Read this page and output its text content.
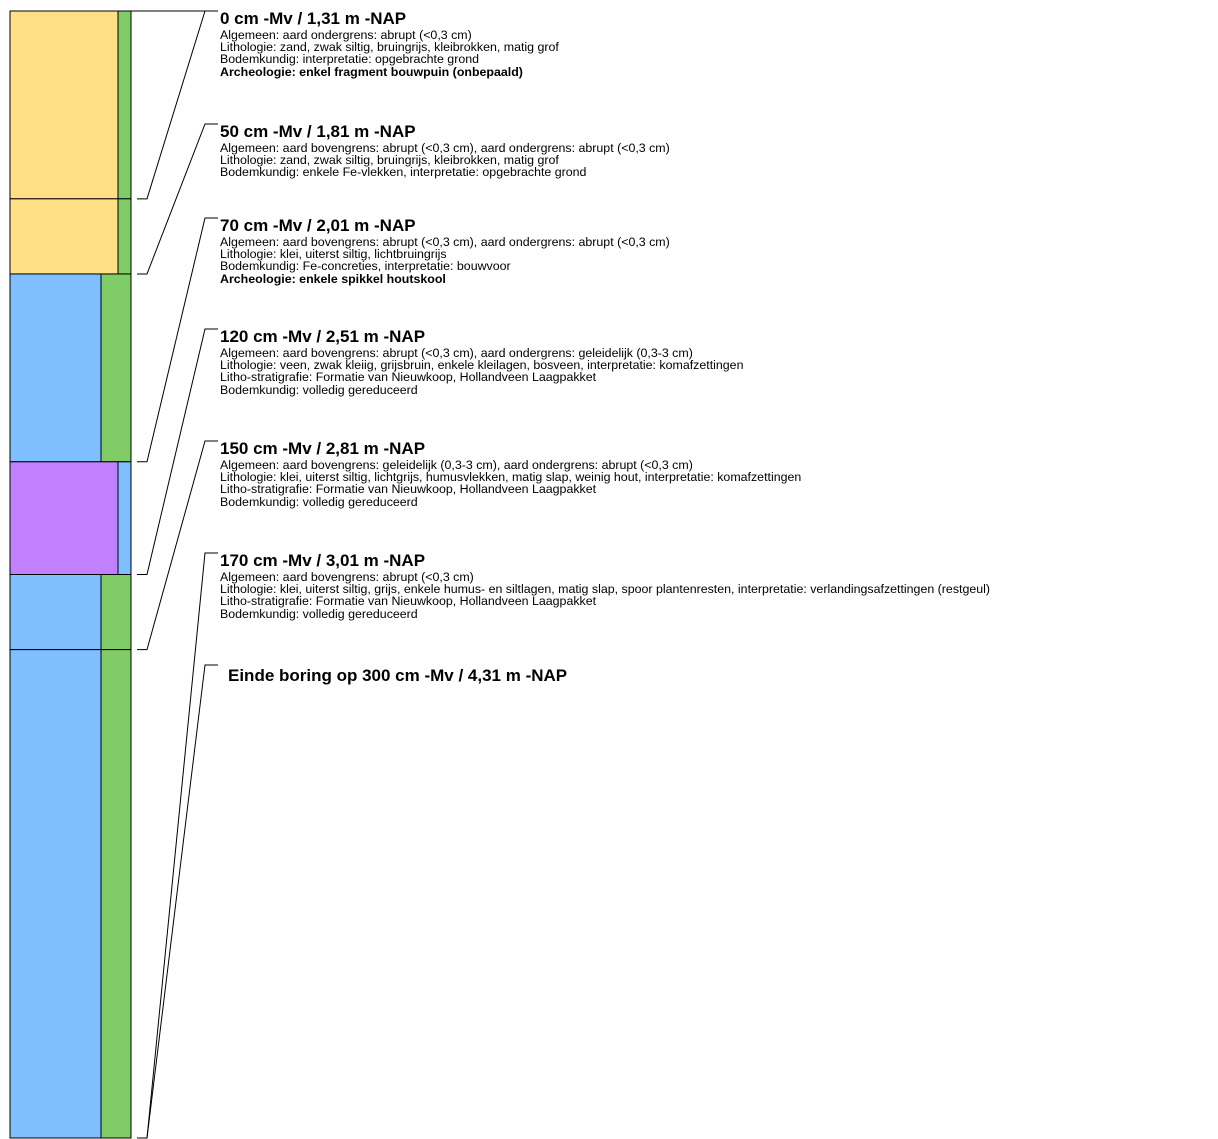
0 cm -Mv / 1,31 m -NAP
Algemeen: aard ondergrens: abrupt (<0,3 cm)
Lithologie: zand, zwak siltig, bruingrijs, kleibrokken, matig grof
Bodemkundig: interpretatie: opgebrachte grond
Archeologie: enkel fragment bouwpuin (onbepaald)
50 cm -Mv / 1,81 m -NAP
Algemeen: aard bovengrens: abrupt (<0,3 cm), aard ondergrens: abrupt (<0,3 cm)
Lithologie: zand, zwak siltig, bruingrijs, kleibrokken, matig grof
Bodemkundig: enkele Fe-vlekken, interpretatie: opgebrachte grond
70 cm -Mv / 2,01 m -NAP
Algemeen: aard bovengrens: abrupt (<0,3 cm), aard ondergrens: abrupt (<0,3 cm)
Lithologie: klei, uiterst siltig, lichtbruingrijs
Bodemkundig: Fe-concreties, interpretatie: bouwvoor
Archeologie: enkele spikkel houtskool
120 cm -Mv / 2,51 m -NAP
Algemeen: aard bovengrens: abrupt (<0,3 cm), aard ondergrens: geleidelijk (0,3-3 cm)
Lithologie: veen, zwak kleiig, grijsbruin, enkele kleilagen, bosveen, interpretatie: komafzettingen
Litho-stratigrafie: Formatie van Nieuwkoop, Hollandveen Laagpakket
Bodemkundig: volledig gereduceerd
150 cm -Mv / 2,81 m -NAP
Algemeen: aard bovengrens: geleidelijk (0,3-3 cm), aard ondergrens: abrupt (<0,3 cm)
Lithologie: klei, uiterst siltig, lichtgrijs, humusvlekken, matig slap, weinig hout, interpretatie: komafzettingen
Litho-stratigrafie: Formatie van Nieuwkoop, Hollandveen Laagpakket
Bodemkundig: volledig gereduceerd
170 cm -Mv / 3,01 m -NAP
Algemeen: aard bovengrens: abrupt (<0,3 cm)
Lithologie: klei, uiterst siltig, grijs, enkele humus- en siltlagen, matig slap, spoor plantenresten, interpretatie: verlandingsafzettingen (restgeul)
Litho-stratigrafie: Formatie van Nieuwkoop, Hollandveen Laagpakket
Bodemkundig: volledig gereduceerd
Einde boring op 300 cm -Mv / 4,31 m -NAP
